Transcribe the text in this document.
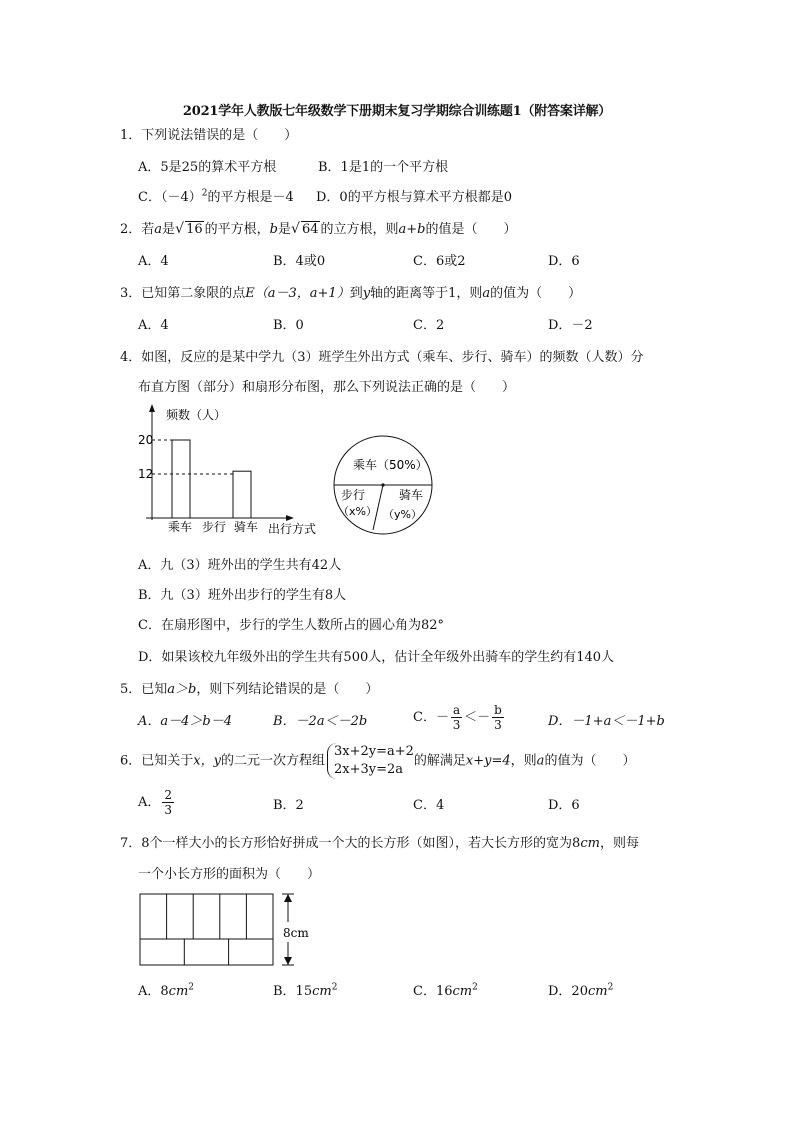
2021学年人教版七年级数学下册期末复习学期综合训练题1（附答案详解）
1．下列说法错误的是（　　）
A．5是25的算术平方根	B．1是1的一个平方根
C．$(-4)^2$的平方根是－4 D．0的平方根与算术平方根都是0
2．若a是 √ 16 的平方根，b是 √ 64 的立方根，则a+b的值是（　　）
A．4	B．4或0	C．6或2	D．6
3．已知第二象限的点E（a－3，a+1）到y轴的距离等于1，则a的值为（　　）
A．4	B．0	C．2	D．－2
4．如图，反应的是某中学九（3）班学生外出方式（乘车、步行、骑车）的频数（人数）分
布直方图（部分）和扇形分布图，那么下列说法正确的是（　　）
频数（人）
20
12
乘车 步行 骑车 出行方式
乘车（50%）
步行
（x%）
骑车
（y%）
A．九（3）班外出的学生共有42人
B．九（3）班外出步行的学生有8人
C．在扇形图中，步行的学生人数所占的圆心角为82°
D．如果该校九年级外出的学生共有500人，估计全年级外出骑车的学生约有140人
5．已知a＞b，则下列结论错误的是（　　）
A．a－4＞b－4	B．－2a＜－2b	C．－ $\frac{a}{3} <- \frac{b}{3}$	D．－1+a＜－1+b
6．已知关于x，y的二元一次方程组
3x+2y=a+2
2x+3y=2a
的解满足x+y=4，则a的值为（　　）
A． $\frac{2}{3}$	B．2	C．4	D．6
7．8个一样大小的长方形恰好拼成一个大的长方形（如图），若大长方形的宽为8cm，则每
一个小长方形的面积为（　　）
8cm
A．$8cm^2$	B．$15cm^2$	C．$16cm^2$	D．$20cm^2$
